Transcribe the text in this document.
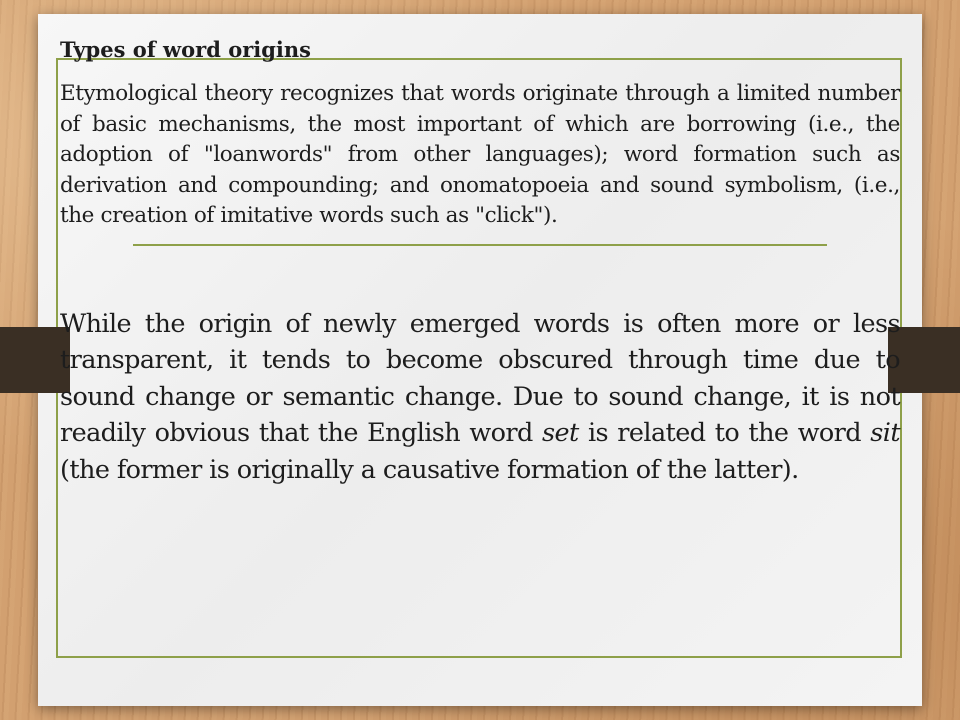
Types of word origins

Etymological theory recognizes that words originate through a limited number of basic mechanisms, the most important of which are borrowing (i.e., the adoption of "loanwords" from other languages); word formation such as derivation and compounding; and onomatopoeia and sound symbolism, (i.e., the creation of imitative words such as "click").

While the origin of newly emerged words is often more or less transparent, it tends to become obscured through time due to sound change or semantic change. Due to sound change, it is not readily obvious that the English word set is related to the word sit (the former is originally a causative formation of the latter).
